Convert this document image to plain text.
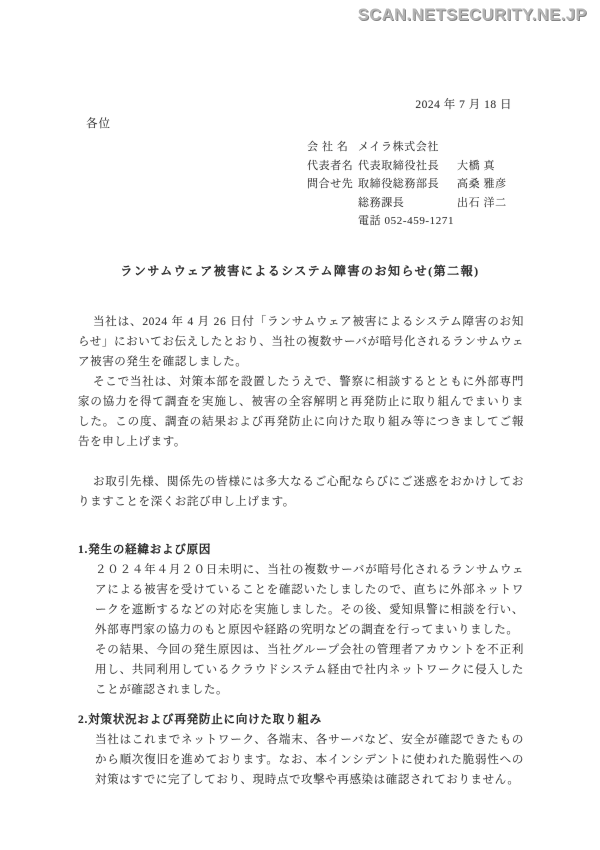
SCAN.NETSECURITY.NE.JP
2024 年 7 月 18 日
各位
会 社 名 メイラ株式会社
代表者名 代表取締役社長	大橋 真
問合せ先 取締役総務部長	高桑 雅彦
総務課長	出石 洋二
電話 052-459-1271
ランサムウェア被害によるシステム障害のお知らせ(第二報)

当社は、2024 年 4 月 26 日付「ランサムウェア被害によるシステム障害のお知らせ」においてお伝えしたとおり、当社の複数サーバが暗号化されるランサムウェア被害の発生を確認しました。

そこで当社は、対策本部を設置したうえで、警察に相談するとともに外部専門家の協力を得て調査を実施し、被害の全容解明と再発防止に取り組んでまいりました。この度、調査の結果および再発防止に向けた取り組み等につきましてご報告を申し上げます。

お取引先様、関係先の皆様には多大なるご心配ならびにご迷惑をおかけしておりますことを深くお詫び申し上げます。

1.発生の経緯および原因

２０２４年４月２０日未明に、当社の複数サーバが暗号化されるランサムウェアによる被害を受けていることを確認いたしましたので、直ちに外部ネットワークを遮断するなどの対応を実施しました。その後、愛知県警に相談を行い、外部専門家の協力のもと原因や経路の究明などの調査を行ってまいりました。

その結果、今回の発生原因は、当社グループ会社の管理者アカウントを不正利用し、共同利用しているクラウドシステム経由で社内ネットワークに侵入したことが確認されました。

2.対策状況および再発防止に向けた取り組み

当社はこれまでネットワーク、各端末、各サーバなど、安全が確認できたものから順次復旧を進めております。なお、本インシデントに使われた脆弱性への対策はすでに完了しており、現時点で攻撃や再感染は確認されておりません。
